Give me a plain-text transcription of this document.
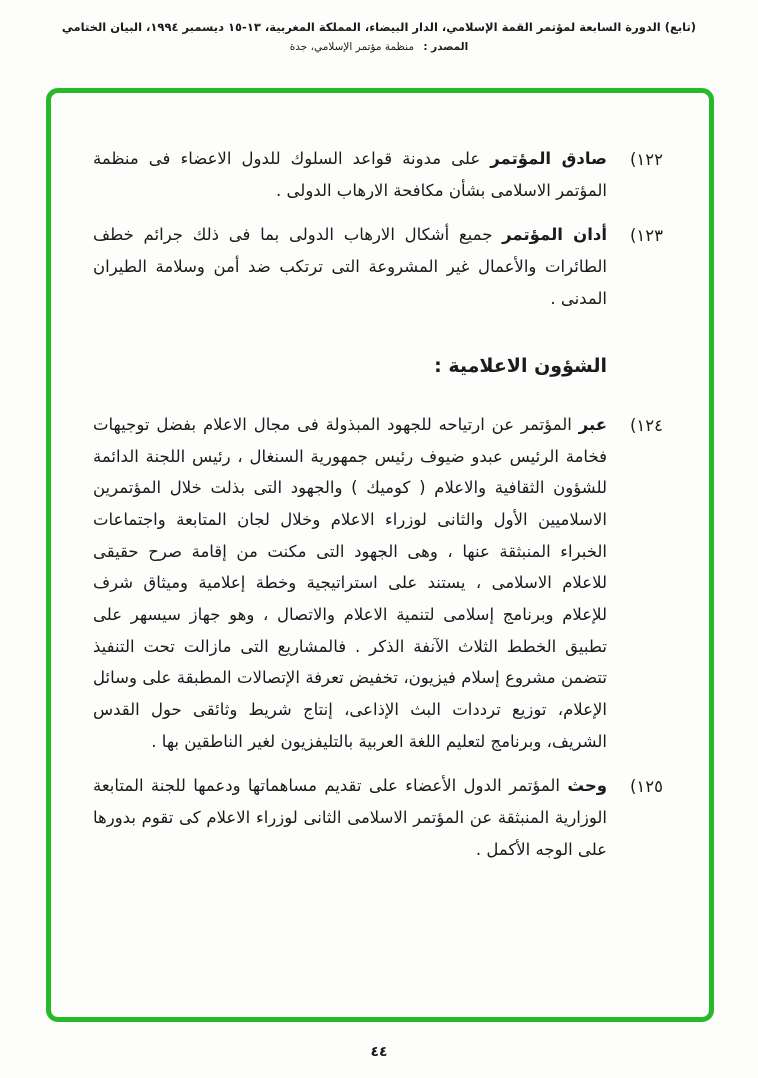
(تابع) الدورة السابعة لمؤتمر القمة الإسلامي، الدار البيضاء، المملكة المغربية، ١٣-١٥ ديسمبر ١٩٩٤، البيان الختامي
المصدر : منظمة مؤتمر الإسلامي، جدة
١٢٢)
صادق المؤتمر على مدونة قواعد السلوك للدول الاعضاء فى منظمة المؤتمر الاسلامى بشأن مكافحة الارهاب الدولى .
١٢٣)
أدان المؤتمر جميع أشكال الارهاب الدولى بما فى ذلك جرائم خطف الطائرات والأعمال غير المشروعة التى ترتكب ضد أمن وسلامة الطيران المدنى .
الشؤون الاعلامية :
١٢٤)
عبر المؤتمر عن ارتياحه للجهود المبذولة فى مجال الاعلام بفضل توجيهات فخامة الرئيس عبدو ضيوف رئيس جمهورية السنغال ، رئيس اللجنة الدائمة للشؤون الثقافية والاعلام ( كوميك ) والجهود التى بذلت خلال المؤتمرين الاسلاميين الأول والثانى لوزراء الاعلام وخلال لجان المتابعة واجتماعات الخبراء المنبثقة عنها ، وهى الجهود التى مكنت من إقامة صرح حقيقى للاعلام الاسلامى ، يستند على استراتيجية وخطة إعلامية وميثاق شرف للإعلام وبرنامج إسلامى لتنمية الاعلام والاتصال ، وهو جهاز سيسهر على تطبيق الخطط الثلاث الآنفة الذكر . فالمشاريع التى مازالت تحت التنفيذ تتضمن مشروع إسلام فيزيون، تخفيض تعرفة الإتصالات المطبقة على وسائل الإعلام، توزيع ترددات البث الإذاعى، إنتاج شريط وثائقى حول القدس الشريف، وبرنامج لتعليم اللغة العربية بالتليفزيون لغير الناطقين بها .
١٢٥)
وحث المؤتمر الدول الأعضاء على تقديم مساهماتها ودعمها للجنة المتابعة الوزارية المنبثقة عن المؤتمر الاسلامى الثانى لوزراء الاعلام كى تقوم بدورها على الوجه الأكمل .
٤٤
